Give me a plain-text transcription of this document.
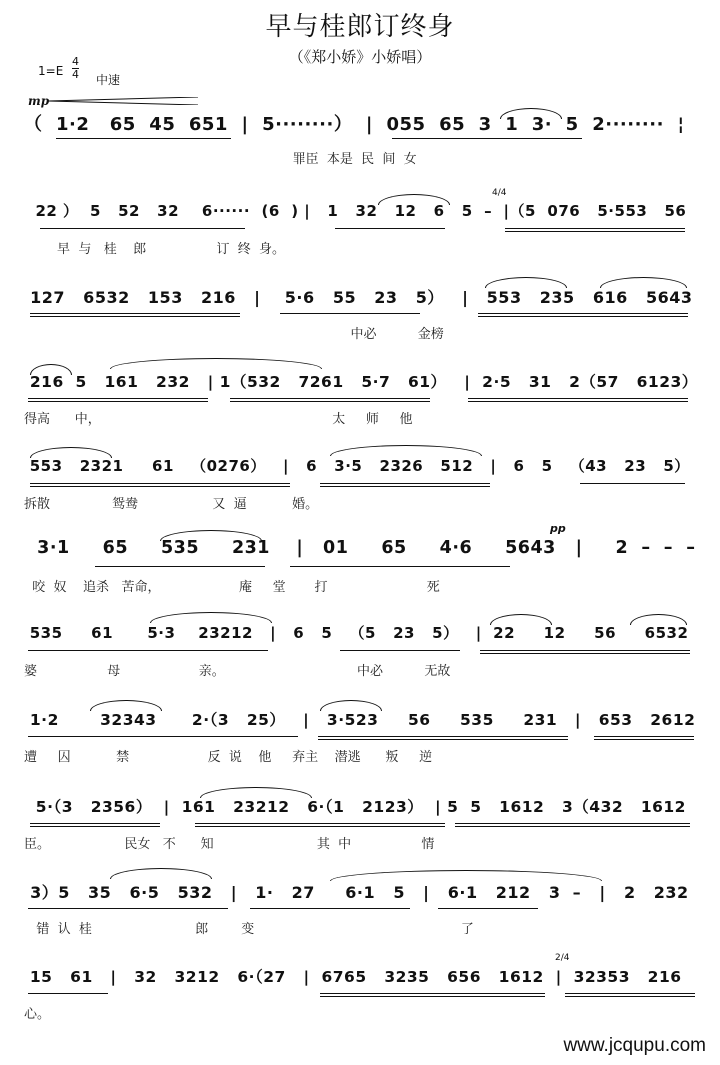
早与桂郎订终身
（《郑小娇》小娇唱）
$1=E \frac{4}{4}$ 中速
mp
（  1·2   65  45  651  |  5········）  |  055  65  3  1  3·  5  2········  ¦
罪臣  本是  民  间  女
22 ）  5   52   32    6······  (6  ) |   1   32   12   6   5  –  |（5  076   5·553   56
早  与   桂    郎                 订  终  身。
4/4
127   6532   153   216   |    5·6   55   23   5）   |   553   235   616   5643
中必          金榜
216  5   161   232   | 1（532   7261   5·7   61）   |  2·5   31   2（57   6123）
得高      中，                                                        太     师     他
553   2321     61   （0276）   |   6   3·5   2326   512   |   6   5   （43   23   5）
拆散               鸳鸯                  又  逼           婚。
3·1     65     535     231    |   01     65     4·6     5643   |     2  –  –  –
咬  奴    追杀   苦命，                   庵     堂       打                        死
pp
535     61      5·3    23212   |   6   5   （5   23   5）   |  22     12     56     6532
婆                 母                   亲。                                中必          无故
1·2       32343      2·（3   25）   |   3·523     56     535     231   |   653   2612
遭     囚           禁                   反  说    他     弃主    潜逃      叛     逆
5·（3   2356）  |  161   23212   6·（1   2123）  | 5  5   1612   3（432   1612
臣。                  民女   不      知                         其  中                 情
3）5   35   6·5   532   |   1·   27     6·1   5   |   6·1   212   3  –   |   2   232
错  认  桂                         郎        变                                                  了
15   61   |   32   3212   6·（27   |  6765   3235   656   1612  |  32353   216
心。
2/4
www.jcqupu.com
